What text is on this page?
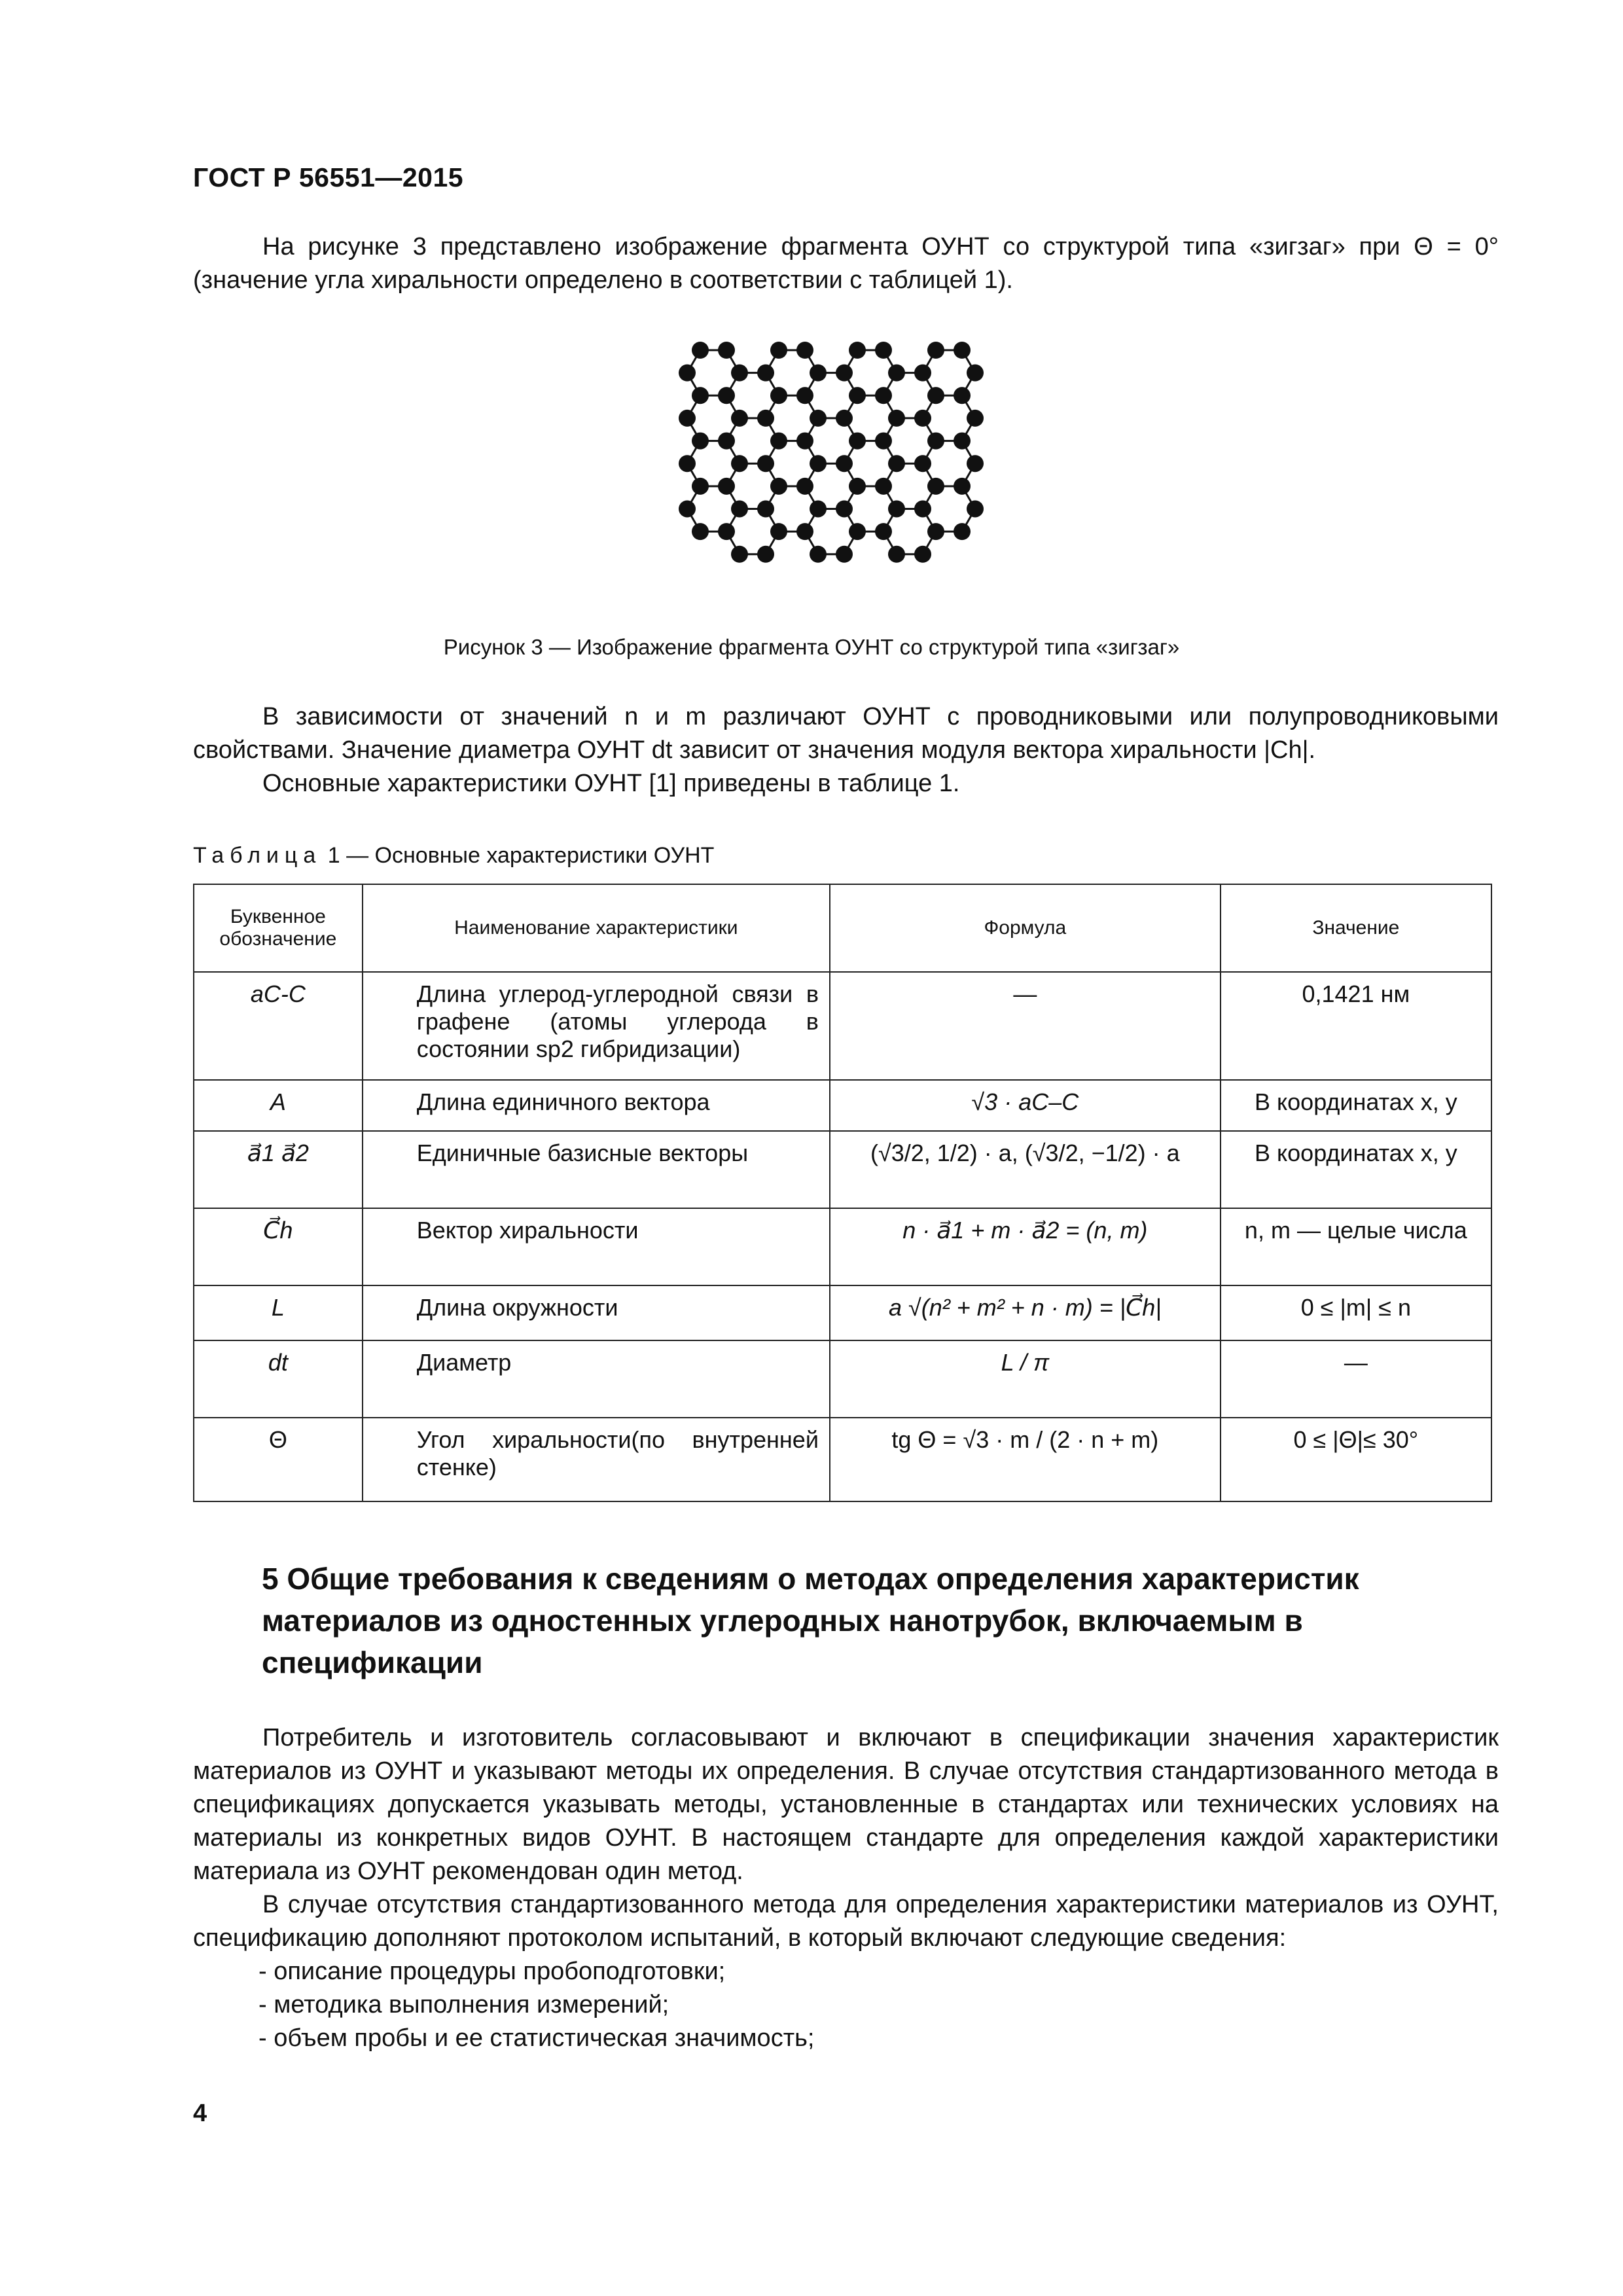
ГОСТ Р 56551—2015
На рисунке 3 представлено изображение фрагмента ОУНТ со структурой типа «зигзаг» при Θ = 0° (значение угла хиральности определено в соответствии с таблицей 1).
Рисунок 3 — Изображение фрагмента ОУНТ со структурой типа «зигзаг»
В зависимости от значений n и m различают ОУНТ с проводниковыми или полупроводниковыми свойствами. Значение диаметра ОУНТ dt зависит от значения модуля вектора хиральности |Ch|.
Основные характеристики ОУНТ [1] приведены в таблице 1.
Таблица 1 — Основные характеристики ОУНТ
Буквенное обозначение	Наименование характеристики	Формула	Значение
aC-C	Длина углерод-углеродной связи в графене (атомы углерода в состоянии sp2 гибридизации)	—	0,1421 нм
A	Длина единичного вектора	√3 · aC–C	В координатах x, y
a⃗1 a⃗2	Единичные базисные векторы	(√3/2, 1/2) · a, (√3/2, −1/2) · a	В координатах x, y
C⃗h	Вектор хиральности	n · a⃗1 + m · a⃗2 = (n, m)	n, m — целые числа
L	Длина окружности	a √(n² + m² + n · m) = |C⃗h|	0 ≤ |m| ≤ n
dt	Диаметр	L / π	—
Θ	Угол хиральности(по внутренней стенке)	tg Θ = √3 · m / (2 · n + m)	0 ≤ |Θ|≤ 30°
5 Общие требования к сведениям о методах определения характеристик материалов из одностенных углеродных нанотрубок, включаемым в спецификации
Потребитель и изготовитель согласовывают и включают в спецификации значения характеристик материалов из ОУНТ и указывают методы их определения. В случае отсутствия стандартизованного метода в спецификациях допускается указывать методы, установленные в стандартах или технических условиях на материалы из конкретных видов ОУНТ. В настоящем стандарте для определения каждой характеристики материала из ОУНТ рекомендован один метод.
В случае отсутствия стандартизованного метода для определения характеристики материалов из ОУНТ, спецификацию дополняют протоколом испытаний, в который включают следующие сведения:
- описание процедуры пробоподготовки;
- методика выполнения измерений;
- объем пробы и ее статистическая значимость;
4
